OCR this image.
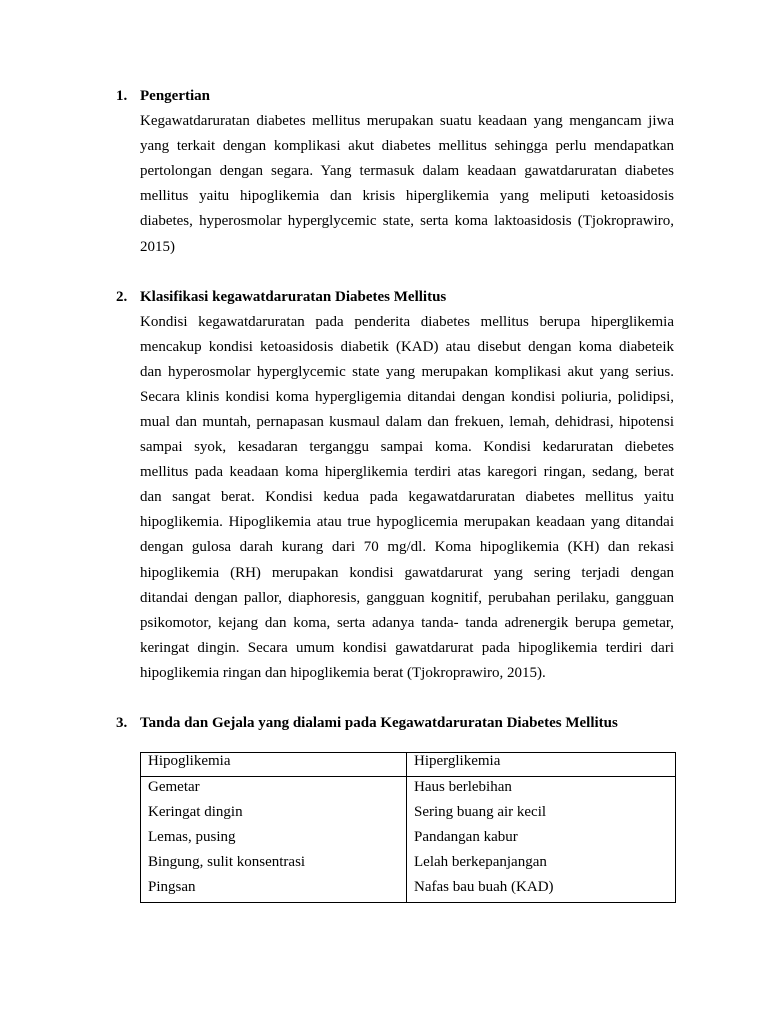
1. Pengertian
Kegawatdaruratan diabetes mellitus merupakan suatu keadaan yang mengancam jiwa
yang terkait dengan komplikasi akut diabetes mellitus sehingga perlu mendapatkan
pertolongan dengan segara. Yang termasuk dalam keadaan gawatdaruratan diabetes
mellitus yaitu hipoglikemia dan krisis hiperglikemia yang meliputi ketoasidosis
diabetes, hyperosmolar hyperglycemic state, serta koma laktoasidosis (Tjokroprawiro,
2015)
2. Klasifikasi kegawatdaruratan Diabetes Mellitus
Kondisi kegawatdaruratan pada penderita diabetes mellitus berupa hiperglikemia
mencakup kondisi ketoasidosis diabetik (KAD) atau disebut dengan koma diabeteik
dan hyperosmolar hyperglycemic state yang merupakan komplikasi akut yang serius.
Secara klinis kondisi koma hypergligemia ditandai dengan kondisi poliuria, polidipsi,
mual dan muntah, pernapasan kusmaul dalam dan frekuen, lemah, dehidrasi, hipotensi
sampai syok, kesadaran terganggu sampai koma. Kondisi kedaruratan diebetes
mellitus pada keadaan koma hiperglikemia terdiri atas karegori ringan, sedang, berat
dan sangat berat. Kondisi kedua pada kegawatdaruratan diabetes mellitus yaitu
hipoglikemia. Hipoglikemia atau true hypoglicemia merupakan keadaan yang ditandai
dengan gulosa darah kurang dari 70 mg/dl. Koma hipoglikemia (KH) dan rekasi
hipoglikemia (RH) merupakan kondisi gawatdarurat yang sering terjadi dengan
ditandai dengan pallor, diaphoresis, gangguan kognitif, perubahan perilaku, gangguan
psikomotor, kejang dan koma, serta adanya tanda- tanda adrenergik berupa gemetar,
keringat dingin. Secara umum kondisi gawatdarurat pada hipoglikemia terdiri dari
hipoglikemia ringan dan hipoglikemia berat (Tjokroprawiro, 2015).
3. Tanda dan Gejala yang dialami pada Kegawatdaruratan Diabetes Mellitus
Hipoglikemia	Hiperglikemia
Gemetar	Haus berlebihan
Keringat dingin	Sering buang air kecil
Lemas, pusing	Pandangan kabur
Bingung, sulit konsentrasi	Lelah berkepanjangan
Pingsan	Nafas bau buah (KAD)
